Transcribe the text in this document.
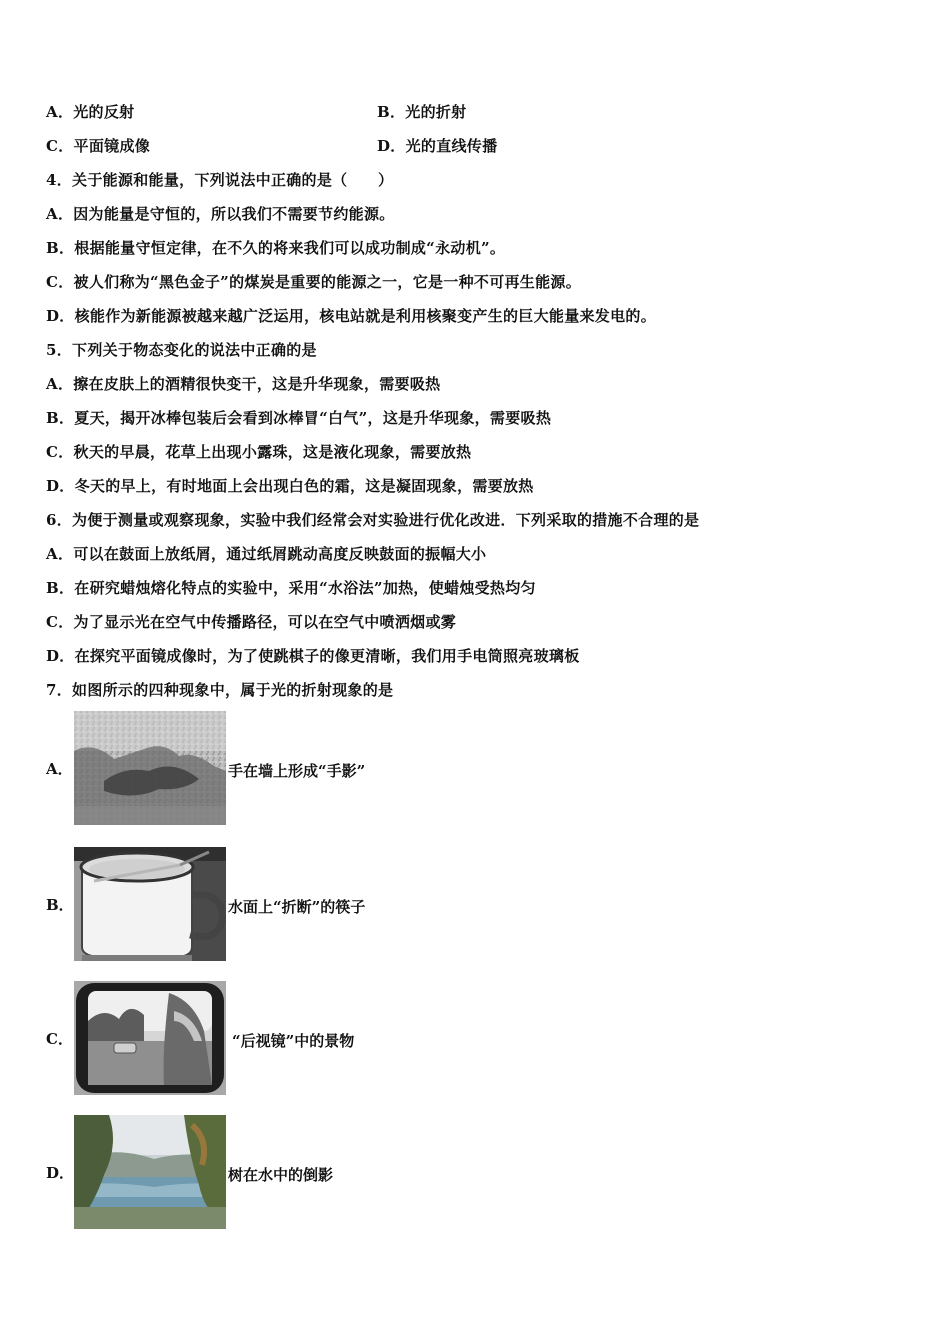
A．光的反射	B．光的折射
C．平面镜成像	D．光的直线传播
4．关于能源和能量，下列说法中正确的是（　　）
A．因为能量是守恒的，所以我们不需要节约能源。
B．根据能量守恒定律，在不久的将来我们可以成功制成“永动机”。
C．被人们称为“黑色金子”的煤炭是重要的能源之一，它是一种不可再生能源。
D．核能作为新能源被越来越广泛运用，核电站就是利用核聚变产生的巨大能量来发电的。
5．下列关于物态变化的说法中正确的是
A．擦在皮肤上的酒精很快变干，这是升华现象，需要吸热
B．夏天，揭开冰棒包装后会看到冰棒冒“白气”，这是升华现象，需要吸热
C．秋天的早晨，花草上出现小露珠，这是液化现象，需要放热
D．冬天的早上，有时地面上会出现白色的霜，这是凝固现象，需要放热
6．为便于测量或观察现象，实验中我们经常会对实验进行优化改进．下列采取的措施不合理的是
A．可以在鼓面上放纸屑，通过纸屑跳动高度反映鼓面的振幅大小
B．在研究蜡烛熔化特点的实验中，采用“水浴法”加热，使蜡烛受热均匀
C．为了显示光在空气中传播路径，可以在空气中喷洒烟或雾
D．在探究平面镜成像时，为了使跳棋子的像更清晰，我们用手电筒照亮玻璃板
7．如图所示的四种现象中，属于光的折射现象的是
A．	手在墙上形成“手影”
B．	水面上“折断”的筷子
C．	“后视镜”中的景物
D．	树在水中的倒影
